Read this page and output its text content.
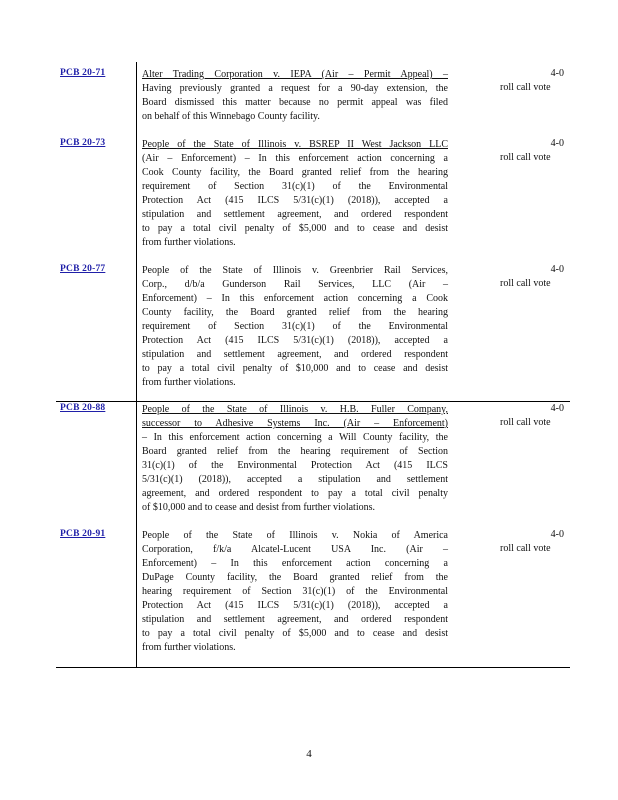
PCB 20-71	Alter Trading Corporation v. IEPA (Air – Permit Appeal) –
Having previously granted a request for a 90-day extension, the
Board dismissed this matter because no permit appeal was filed
on behalf of this Winnebago County facility.
4-0
roll call vote
PCB 20-73	People of the State of Illinois v. BSREP II West Jackson LLC
(Air – Enforcement) – In this enforcement action concerning a
Cook County facility, the Board granted relief from the hearing
requirement of Section 31(c)(1) of the Environmental
Protection Act (415 ILCS 5/31(c)(1) (2018)), accepted a
stipulation and settlement agreement, and ordered respondent
to pay a total civil penalty of $5,000 and to cease and desist
from further violations.
4-0
roll call vote
PCB 20-77	People of the State of Illinois v. Greenbrier Rail Services,
Corp., d/b/a Gunderson Rail Services, LLC (Air –
Enforcement) – In this enforcement action concerning a Cook
County facility, the Board granted relief from the hearing
requirement of Section 31(c)(1) of the Environmental
Protection Act (415 ILCS 5/31(c)(1) (2018)), accepted a
stipulation and settlement agreement, and ordered respondent
to pay a total civil penalty of $10,000 and to cease and desist
from further violations.
4-0
roll call vote
PCB 20-88	People of the State of Illinois v. H.B. Fuller Company,
successor to Adhesive Systems Inc. (Air – Enforcement)
– In this enforcement action concerning a Will County facility, the
Board granted relief from the hearing requirement of Section
31(c)(1) of the Environmental Protection Act (415 ILCS
5/31(c)(1) (2018)), accepted a stipulation and settlement
agreement, and ordered respondent to pay a total civil penalty
of $10,000 and to cease and desist from further violations.
4-0
roll call vote
PCB 20-91	People of the State of Illinois v. Nokia of America
Corporation, f/k/a Alcatel-Lucent USA Inc. (Air –
Enforcement) – In this enforcement action concerning a
DuPage County facility, the Board granted relief from the
hearing requirement of Section 31(c)(1) of the Environmental
Protection Act (415 ILCS 5/31(c)(1) (2018)), accepted a
stipulation and settlement agreement, and ordered respondent
to pay a total civil penalty of $5,000 and to cease and desist
from further violations.
4-0
roll call vote
4
